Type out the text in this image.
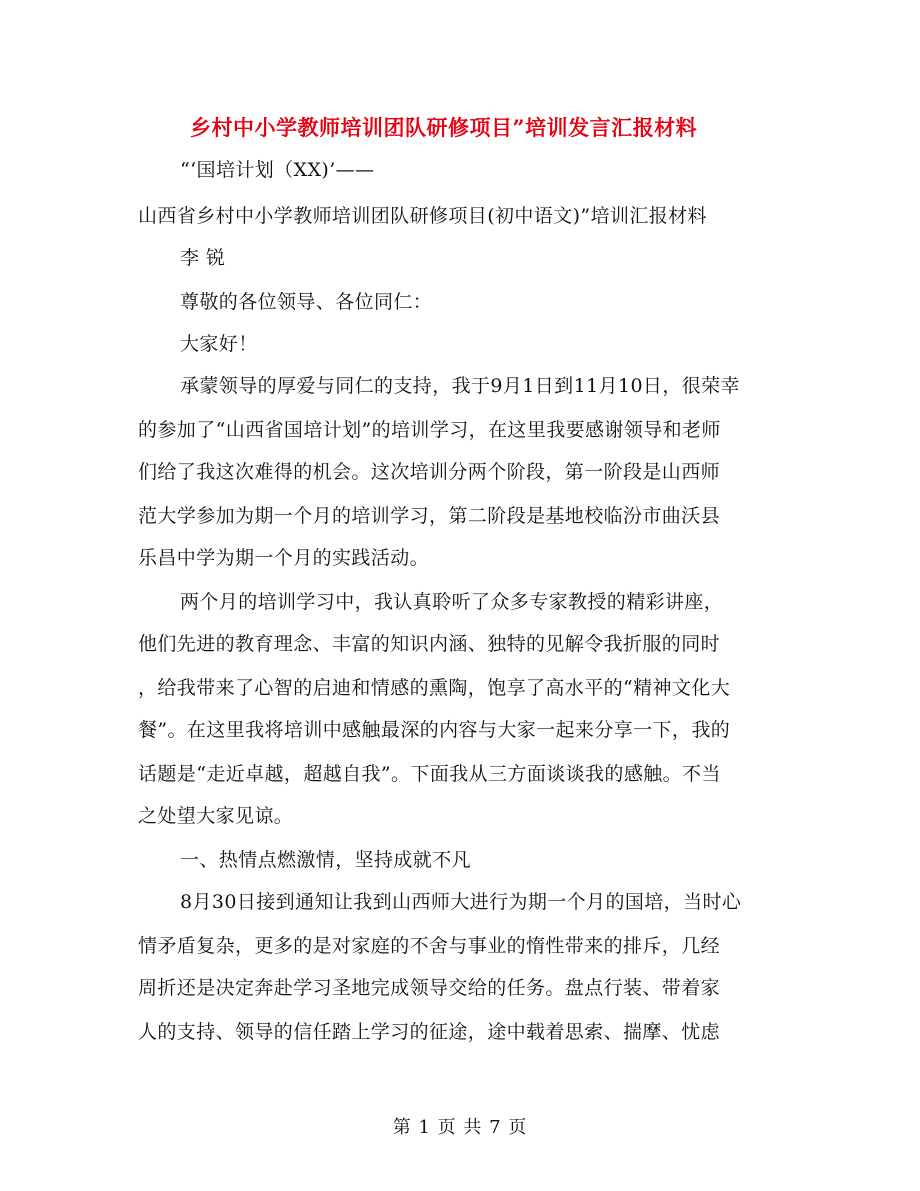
乡村中小学教师培训团队研修项目”培训发言汇报材料
“‘国培计划（XX)’——
山西省乡村中小学教师培训团队研修项目(初中语文)”培训汇报材料
李 锐
尊敬的各位领导、各位同仁：
大家好！
承蒙领导的厚爱与同仁的支持，我于9月1日到11月10日，很荣幸
的参加了“山西省国培计划”的培训学习，在这里我要感谢领导和老师
们给了我这次难得的机会。这次培训分两个阶段，第一阶段是山西师
范大学参加为期一个月的培训学习，第二阶段是基地校临汾市曲沃县
乐昌中学为期一个月的实践活动。
两个月的培训学习中，我认真聆听了众多专家教授的精彩讲座，
他们先进的教育理念、丰富的知识内涵、独特的见解令我折服的同时
，给我带来了心智的启迪和情感的熏陶，饱享了高水平的“精神文化大
餐”。在这里我将培训中感触最深的内容与大家一起来分享一下，我的
话题是“走近卓越，超越自我”。下面我从三方面谈谈我的感触。不当
之处望大家见谅。
一、热情点燃激情，坚持成就不凡
8月30日接到通知让我到山西师大进行为期一个月的国培，当时心
情矛盾复杂，更多的是对家庭的不舍与事业的惰性带来的排斥，几经
周折还是决定奔赴学习圣地完成领导交给的任务。盘点行装、带着家
人的支持、领导的信任踏上学习的征途，途中载着思索、揣摩、忧虑
第 1 页 共 7 页
